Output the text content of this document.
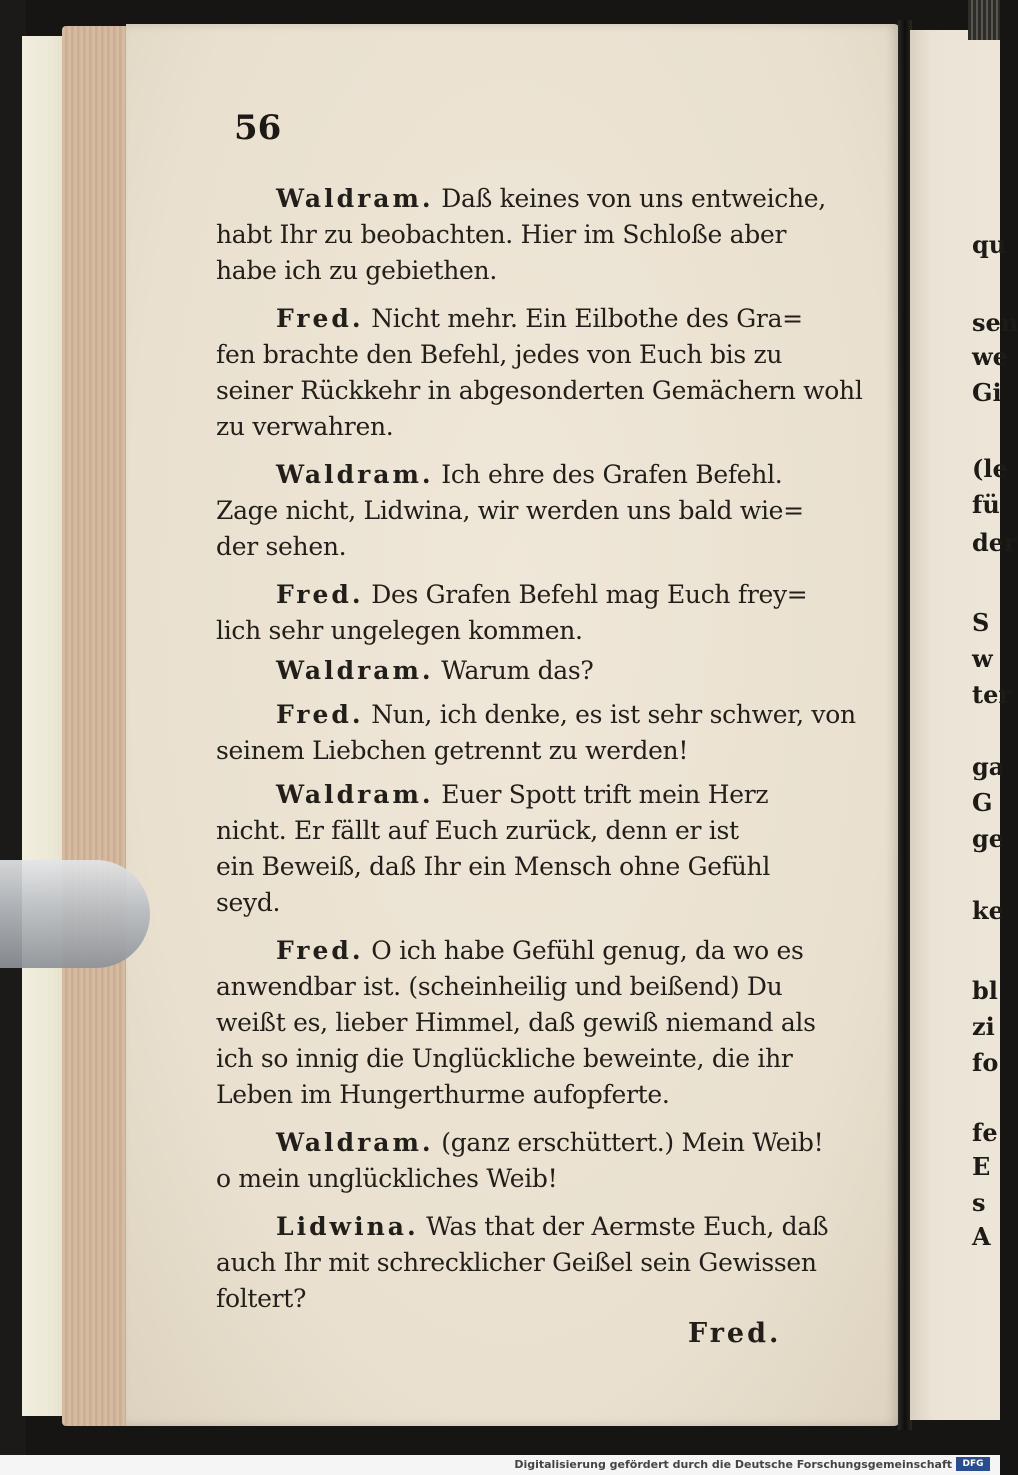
56
Waldram. Daß keines von uns entweiche,
habt Ihr zu beobachten. Hier im Schloße aber
habe ich zu gebiethen.
Fred. Nicht mehr. Ein Eilbothe des Gra=
fen brachte den Befehl, jedes von Euch bis zu
seiner Rückkehr in abgesonderten Gemächern wohl
zu verwahren.
Waldram. Ich ehre des Grafen Befehl.
Zage nicht, Lidwina, wir werden uns bald wie=
der sehen.
Fred. Des Grafen Befehl mag Euch frey=
lich sehr ungelegen kommen.
Waldram. Warum das?
Fred. Nun, ich denke, es ist sehr schwer, von
seinem Liebchen getrennt zu werden!
Waldram. Euer Spott trift mein Herz
nicht. Er fällt auf Euch zurück, denn er ist
ein Beweiß, daß Ihr ein Mensch ohne Gefühl
seyd.
Fred. O ich habe Gefühl genug, da wo es
anwendbar ist. (scheinheilig und beißend) Du
weißt es, lieber Himmel, daß gewiß niemand als
ich so innig die Unglückliche beweinte, die ihr
Leben im Hungerthurme aufopferte.
Waldram. (ganz erschüttert.) Mein Weib!
o mein unglückliches Weib!
Lidwina. Was that der Aermste Euch, daß
auch Ihr mit schrecklicher Geißel sein Gewissen
foltert?
Fred.
qu
sen
we
Gi
(le
fü
der
S
w
ter
ga
G
ge
ke
bl
zi
fo
fe
E
s
A
Digitalisierung gefördert durch die Deutsche Forschungsgemeinschaft	DFG
